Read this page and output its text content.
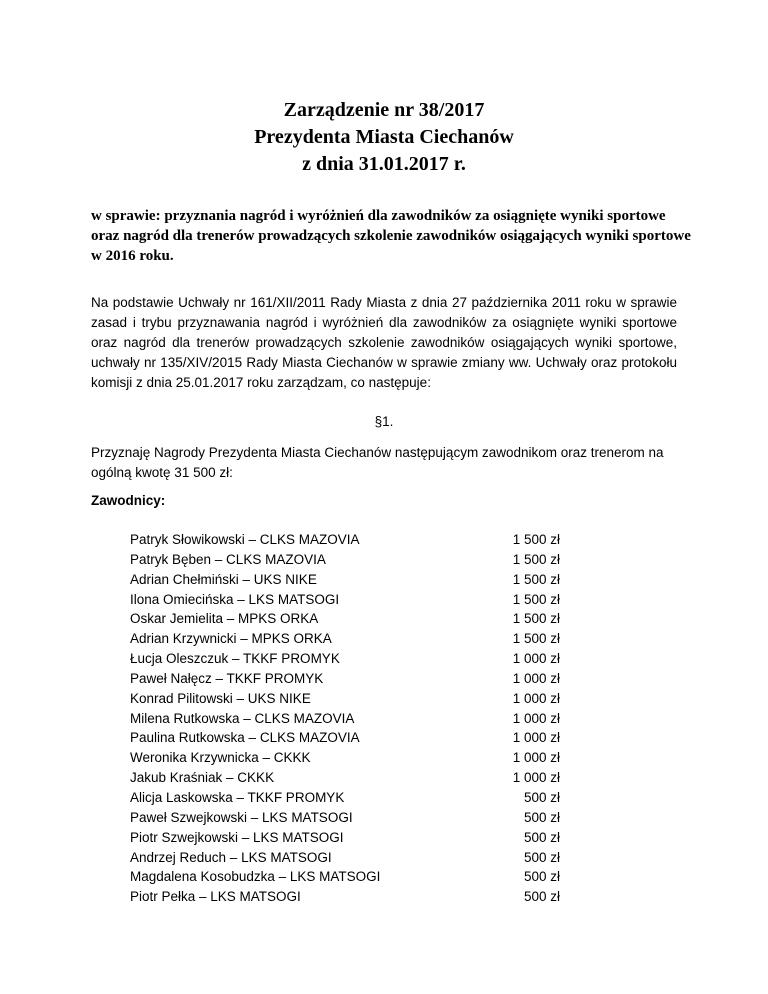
Zarządzenie nr 38/2017
Prezydenta Miasta Ciechanów
z dnia 31.01.2017 r.
w sprawie: przyznania nagród i wyróżnień dla zawodników za osiągnięte wyniki sportowe oraz nagród dla trenerów prowadzących szkolenie zawodników osiągających wyniki sportowe w 2016 roku.
Na podstawie Uchwały nr 161/XII/2011 Rady Miasta z dnia 27 października 2011 roku w sprawie zasad i trybu przyznawania nagród i wyróżnień dla zawodników za osiągnięte wyniki sportowe oraz nagród dla trenerów prowadzących szkolenie zawodników osiągających wyniki sportowe, uchwały nr 135/XIV/2015 Rady Miasta Ciechanów w sprawie zmiany ww. Uchwały oraz protokołu komisji z dnia 25.01.2017 roku zarządzam, co następuje:
§1.
Przyznaję Nagrody Prezydenta Miasta Ciechanów następującym zawodnikom oraz trenerom na ogólną kwotę 31 500 zł:
Zawodnicy:
Patryk Słowikowski – CLKS MAZOVIA	1 500 zł
Patryk Bęben – CLKS MAZOVIA	1 500 zł
Adrian Chełmiński – UKS NIKE	1 500 zł
Ilona Omiecińska – LKS MATSOGI	1 500 zł
Oskar Jemielita – MPKS ORKA	1 500 zł
Adrian Krzywnicki – MPKS ORKA	1 500 zł
Łucja Oleszczuk – TKKF PROMYK	1 000 zł
Paweł Nałęcz – TKKF PROMYK	1 000 zł
Konrad Pilitowski – UKS NIKE	1 000 zł
Milena Rutkowska – CLKS MAZOVIA	1 000 zł
Paulina Rutkowska – CLKS MAZOVIA	1 000 zł
Weronika Krzywnicka – CKKK	1 000 zł
Jakub Kraśniak – CKKK	1 000 zł
Alicja Laskowska – TKKF PROMYK	500 zł
Paweł Szwejkowski – LKS MATSOGI	500 zł
Piotr Szwejkowski – LKS MATSOGI	500 zł
Andrzej Reduch – LKS MATSOGI	500 zł
Magdalena Kosobudzka – LKS MATSOGI	500 zł
Piotr Pełka – LKS MATSOGI	500 zł
